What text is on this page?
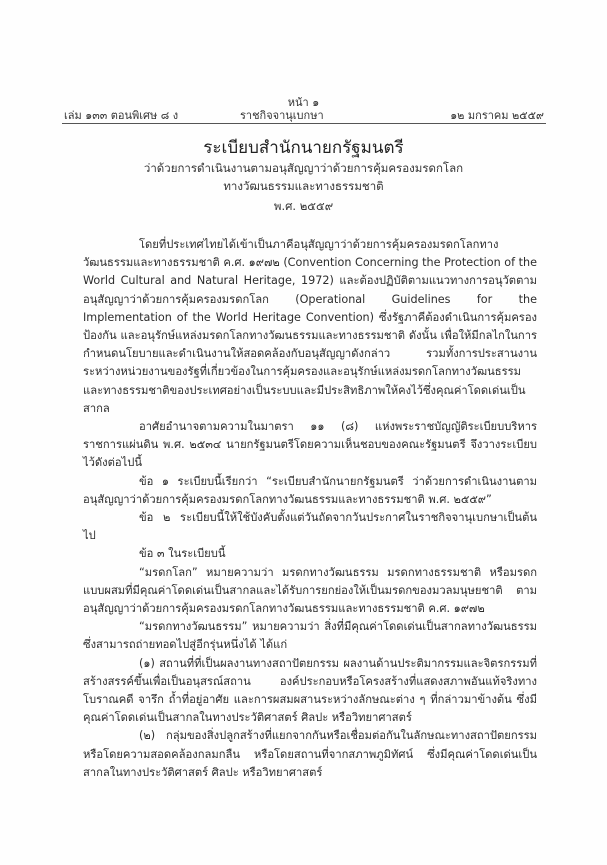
หน้า ๑
เล่ม ๑๓๓ ตอนพิเศษ ๘ ง	ราชกิจจานุเบกษา	๑๒ มกราคม ๒๕๕๙
ระเบียบสำนักนายกรัฐมนตรี
ว่าด้วยการดำเนินงานตามอนุสัญญาว่าด้วยการคุ้มครองมรดกโลก
ทางวัฒนธรรมและทางธรรมชาติ
พ.ศ. ๒๕๕๙

โดยที่ประเทศไทยได้เข้าเป็นภาคีอนุสัญญาว่าด้วยการคุ้มครองมรดกโลกทางวัฒนธรรมและทางธรรมชาติ ค.ศ. ๑๙๗๒ (Convention Concerning the Protection of the World Cultural and Natural Heritage, 1972) และต้องปฏิบัติตามแนวทางการอนุวัตตามอนุสัญญาว่าด้วยการคุ้มครองมรดกโลก (Operational Guidelines for the Implementation of the World Heritage Convention) ซึ่งรัฐภาคีต้องดำเนินการคุ้มครอง ป้องกัน และอนุรักษ์แหล่งมรดกโลกทางวัฒนธรรมและทางธรรมชาติ ดังนั้น เพื่อให้มีกลไกในการกำหนดนโยบายและดำเนินงานให้สอดคล้องกับอนุสัญญาดังกล่าว รวมทั้งการประสานงานระหว่างหน่วยงานของรัฐที่เกี่ยวข้องในการคุ้มครองและอนุรักษ์แหล่งมรดกโลกทางวัฒนธรรมและทางธรรมชาติของประเทศอย่างเป็นระบบและมีประสิทธิภาพให้คงไว้ซึ่งคุณค่าโดดเด่นเป็นสากล

อาศัยอำนาจตามความในมาตรา ๑๑ (๘) แห่งพระราชบัญญัติระเบียบบริหารราชการแผ่นดิน พ.ศ. ๒๕๓๔ นายกรัฐมนตรีโดยความเห็นชอบของคณะรัฐมนตรี จึงวางระเบียบไว้ดังต่อไปนี้

ข้อ ๑ ระเบียบนี้เรียกว่า “ระเบียบสำนักนายกรัฐมนตรี ว่าด้วยการดำเนินงานตามอนุสัญญาว่าด้วยการคุ้มครองมรดกโลกทางวัฒนธรรมและทางธรรมชาติ พ.ศ. ๒๕๕๙”

ข้อ ๒ ระเบียบนี้ให้ใช้บังคับตั้งแต่วันถัดจากวันประกาศในราชกิจจานุเบกษาเป็นต้นไป

ข้อ ๓ ในระเบียบนี้

“มรดกโลก” หมายความว่า มรดกทางวัฒนธรรม มรดกทางธรรมชาติ หรือมรดกแบบผสมที่มีคุณค่าโดดเด่นเป็นสากลและได้รับการยกย่องให้เป็นมรดกของมวลมนุษยชาติ ตามอนุสัญญาว่าด้วยการคุ้มครองมรดกโลกทางวัฒนธรรมและทางธรรมชาติ ค.ศ. ๑๙๗๒

“มรดกทางวัฒนธรรม” หมายความว่า สิ่งที่มีคุณค่าโดดเด่นเป็นสากลทางวัฒนธรรมซึ่งสามารถถ่ายทอดไปสู่อีกรุ่นหนึ่งได้ ได้แก่

(๑) สถานที่ที่เป็นผลงานทางสถาปัตยกรรม ผลงานด้านประติมากรรมและจิตรกรรมที่สร้างสรรค์ขึ้นเพื่อเป็นอนุสรณ์สถาน องค์ประกอบหรือโครงสร้างที่แสดงสภาพอันแท้จริงทางโบราณคดี จารึก ถ้ำที่อยู่อาศัย และการผสมผสานระหว่างลักษณะต่าง ๆ ที่กล่าวมาข้างต้น ซึ่งมีคุณค่าโดดเด่นเป็นสากลในทางประวัติศาสตร์ ศิลปะ หรือวิทยาศาสตร์

(๒) กลุ่มของสิ่งปลูกสร้างที่แยกจากกันหรือเชื่อมต่อกันในลักษณะทางสถาปัตยกรรม หรือโดยความสอดคล้องกลมกลืน หรือโดยสถานที่จากสภาพภูมิทัศน์ ซึ่งมีคุณค่าโดดเด่นเป็นสากลในทางประวัติศาสตร์ ศิลปะ หรือวิทยาศาสตร์
